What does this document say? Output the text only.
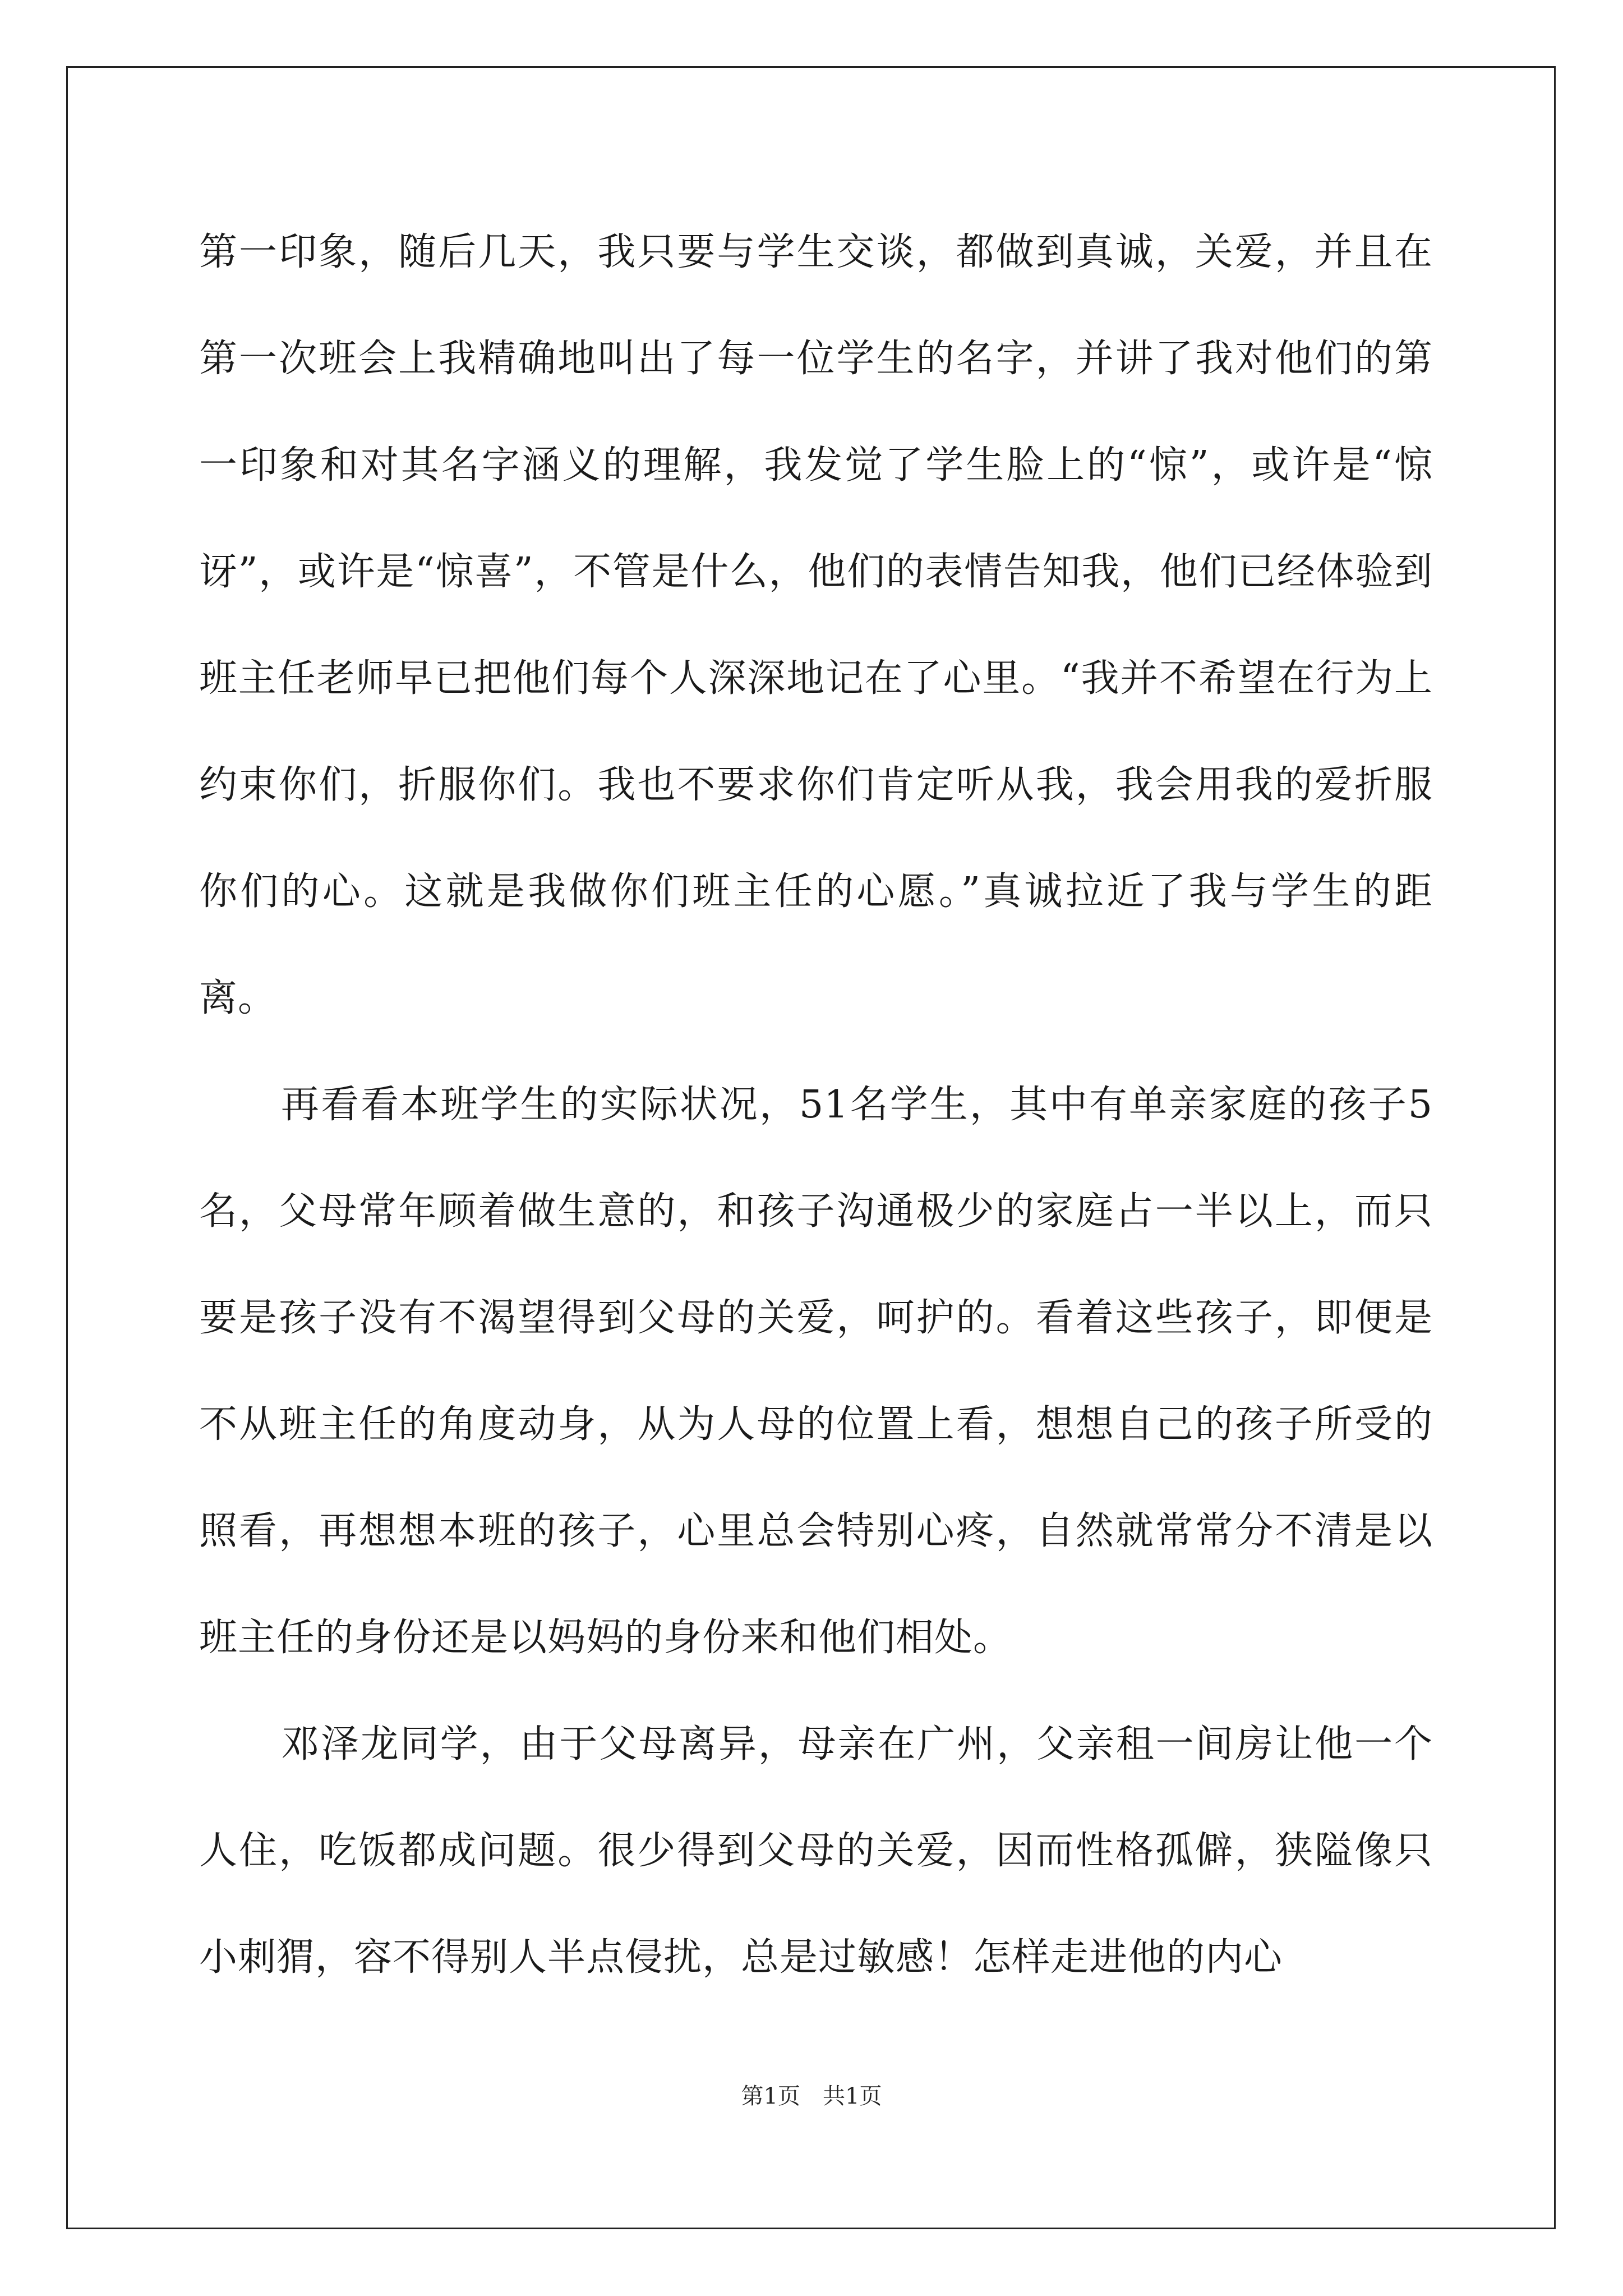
第一印象，随后几天，我只要与学生交谈，都做到真诚，关爱，并且在第一次班会上我精确地叫出了每一位学生的名字，并讲了我对他们的第一印象和对其名字涵义的理解，我发觉了学生脸上的“惊”，或许是“惊讶”，或许是“惊喜”，不管是什么，他们的表情告知我，他们已经体验到班主任老师早已把他们每个人深深地记在了心里。“我并不希望在行为上约束你们，折服你们。我也不要求你们肯定听从我，我会用我的爱折服你们的心。这就是我做你们班主任的心愿。”真诚拉近了我与学生的距离。

再看看本班学生的实际状况，51名学生，其中有单亲家庭的孩子5名，父母常年顾着做生意的，和孩子沟通极少的家庭占一半以上，而只要是孩子没有不渴望得到父母的关爱，呵护的。看着这些孩子，即便是不从班主任的角度动身，从为人母的位置上看，想想自己的孩子所受的照看，再想想本班的孩子，心里总会特别心疼，自然就常常分不清是以班主任的身份还是以妈妈的身份来和他们相处。

邓泽龙同学，由于父母离异，母亲在广州，父亲租一间房让他一个人住，吃饭都成问题。很少得到父母的关爱，因而性格孤僻，狭隘像只小刺猬，容不得别人半点侵扰，总是过敏感！怎样走进他的内心

第1页 共1页
